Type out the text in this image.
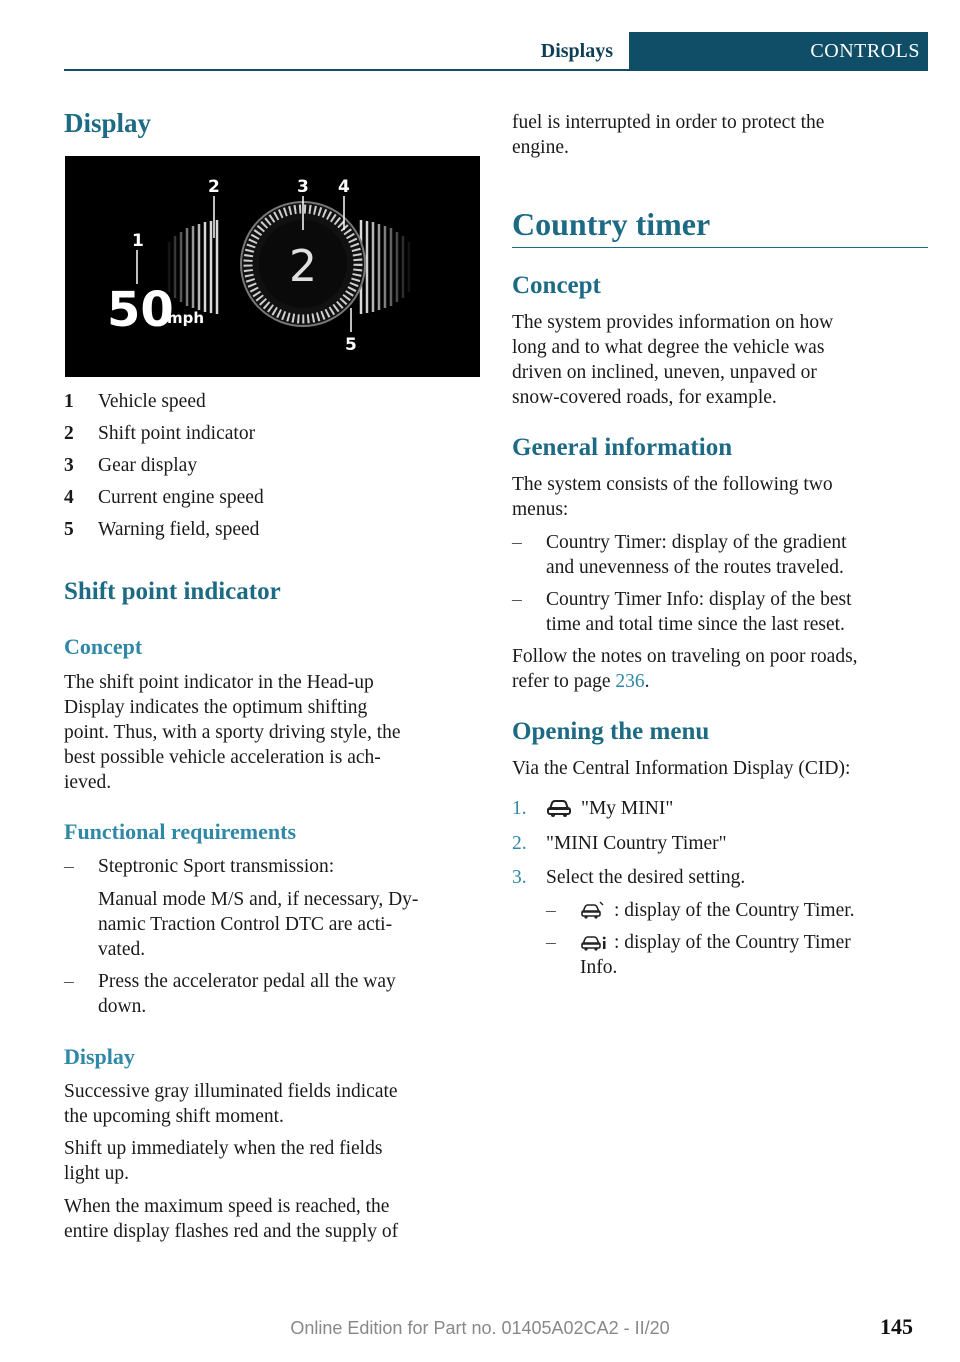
Displays	CONTROLS
Display
2
50
mph
1
2	3 4
5
1 Vehicle speed
2 Shift point indicator
3 Gear display
4 Current engine speed
5 Warning field, speed
Shift point indicator
Concept
The shift point indicator in the Head-up
Display indicates the optimum shifting
point. Thus, with a sporty driving style, the
best possible vehicle acceleration is ach‐
ieved.
Functional requirements
– Steptronic Sport transmission:
Manual mode M/S and, if necessary, Dy‐
namic Traction Control DTC are acti‐
vated.
– Press the accelerator pedal all the way
down.
Display
Successive gray illuminated fields indicate
the upcoming shift moment.
Shift up immediately when the red fields
light up.
When the maximum speed is reached, the
entire display flashes red and the supply of
fuel is interrupted in order to protect the
engine.
Country timer
Concept
The system provides information on how
long and to what degree the vehicle was
driven on inclined, uneven, unpaved or
snow-covered roads, for example.
General information
The system consists of the following two
menus:
– Country Timer: display of the gradient
and unevenness of the routes traveled.
– Country Timer Info: display of the best
time and total time since the last reset.
Follow the notes on traveling on poor roads,
refer to page 236.
Opening the menu
Via the Central Information Display (CID):
1.	"My MINI"
2. "MINI Country Timer"
3. Select the desired setting.
–	: display of the Country Timer.
–	: display of the Country Timer
Info.
Online Edition for Part no. 01405A02CA2 - II/20	145
